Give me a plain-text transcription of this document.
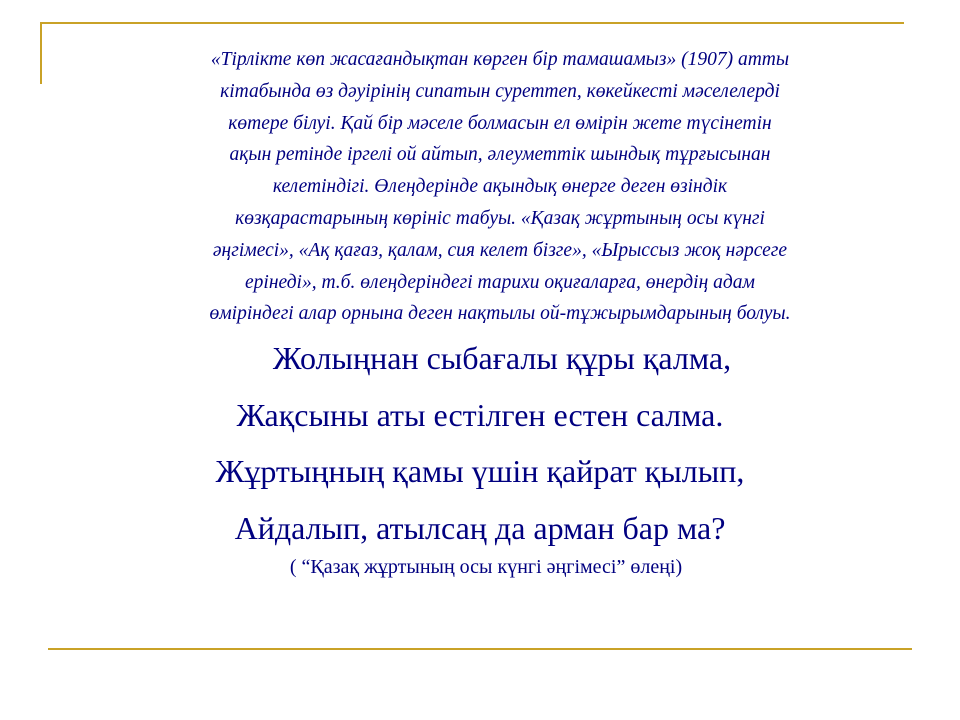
«Тірлікте көп жасағандықтан көрген бір тамашамыз» (1907) атты
кітабында өз дәуірінің сипатын суреттеп, көкейкесті мәселелерді
көтере білуі. Қай бір мәселе болмасын ел өмірін жете түсінетін
ақын ретінде іргелі ой айтып, әлеуметтік шындық тұрғысынан
келетіндігі. Өлеңдерінде ақындық өнерге деген өзіндік
көзқарастарының көрініс табуы. «Қазақ жұртының осы күнгі
әңгімесі», «Ақ қағаз, қалам, сия келет бізге», «Ырыссыз жоқ нәрсеге
ерінеді», т.б. өлеңдеріндегі тарихи оқиғаларға, өнердің адам
өміріндегі алар орнына деген нақтылы ой-тұжырымдарының болуы.

Жолыңнан сыбағалы құры қалма,
Жақсыны аты естілген естен салма.
Жұртыңның қамы үшін қайрат қылып,
Айдалып, атылсаң да арман бар ма?

( “Қазақ жұртының осы күнгі әңгімесі” өлеңі)
